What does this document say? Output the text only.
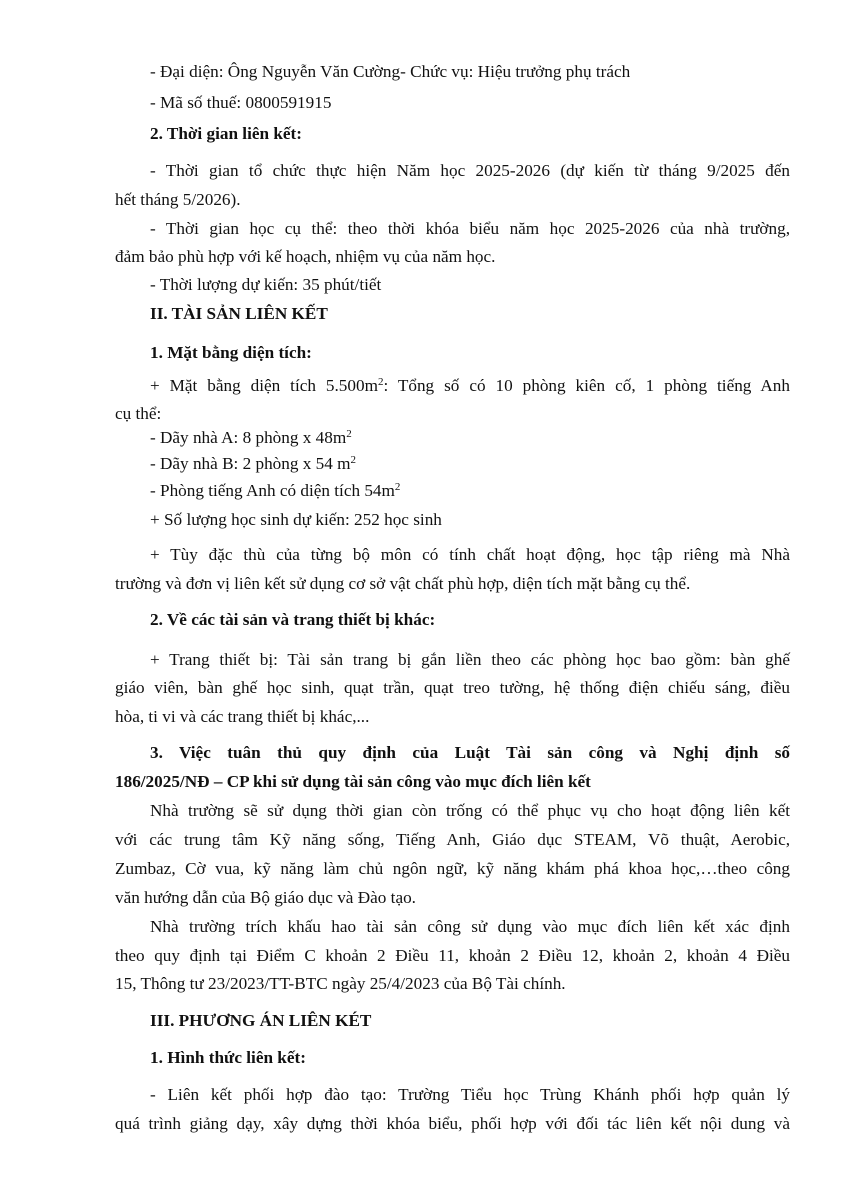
- Đại diện: Ông Nguyễn Văn Cường- Chức vụ: Hiệu trưởng phụ trách
- Mã số thuế: 0800591915
2. Thời gian liên kết:
- Thời gian tổ chức thực hiện Năm học 2025-2026 (dự kiến từ tháng 9/2025 đến
hết tháng 5/2026).
- Thời gian học cụ thể: theo thời khóa biểu năm học 2025-2026 của nhà trường,
đảm bảo phù hợp với kế hoạch, nhiệm vụ của năm học.
- Thời lượng dự kiến: 35 phút/tiết
II. TÀI SẢN LIÊN KẾT
1. Mặt bằng diện tích:
+ Mặt bằng diện tích $5.500m^2$: Tổng số có 10 phòng kiên cố, 1 phòng tiếng Anh
cụ thể:
- Dãy nhà A: 8 phòng x $48m^2$
- Dãy nhà B: 2 phòng x 54 $m^2$
- Phòng tiếng Anh có diện tích $54m^2$
+ Số lượng học sinh dự kiến: 252 học sinh
+ Tùy đặc thù của từng bộ môn có tính chất hoạt động, học tập riêng mà Nhà
trường và đơn vị liên kết sử dụng cơ sở vật chất phù hợp, diện tích mặt bằng cụ thể.
2. Về các tài sản và trang thiết bị khác:
+ Trang thiết bị: Tài sản trang bị gắn liền theo các phòng học bao gồm: bàn ghế
giáo viên, bàn ghế học sinh, quạt trần, quạt treo tường, hệ thống điện chiếu sáng, điều
hòa, ti vi và các trang thiết bị khác,...
3. Việc tuân thủ quy định của Luật Tài sản công và Nghị định số
186/2025/NĐ – CP khi sử dụng tài sản công vào mục đích liên kết
Nhà trường sẽ sử dụng thời gian còn trống có thể phục vụ cho hoạt động liên kết
với các trung tâm Kỹ năng sống, Tiếng Anh, Giáo dục STEAM, Võ thuật, Aerobic,
Zumbaz, Cờ vua, kỹ năng làm chủ ngôn ngữ, kỹ năng khám phá khoa học,…theo công
văn hướng dẫn của Bộ giáo dục và Đào tạo.
Nhà trường trích khấu hao tài sản công sử dụng vào mục đích liên kết xác định
theo quy định tại Điểm C khoản 2 Điều 11, khoản 2 Điều 12, khoản 2, khoản 4 Điều
15, Thông tư 23/2023/TT-BTC ngày 25/4/2023 của Bộ Tài chính.
III. PHƯƠNG ÁN LIÊN KÉT
1. Hình thức liên kết:
- Liên kết phối hợp đào tạo: Trường Tiểu học Trùng Khánh phối hợp quản lý
quá trình giảng dạy, xây dựng thời khóa biểu, phối hợp với đối tác liên kết nội dung và
